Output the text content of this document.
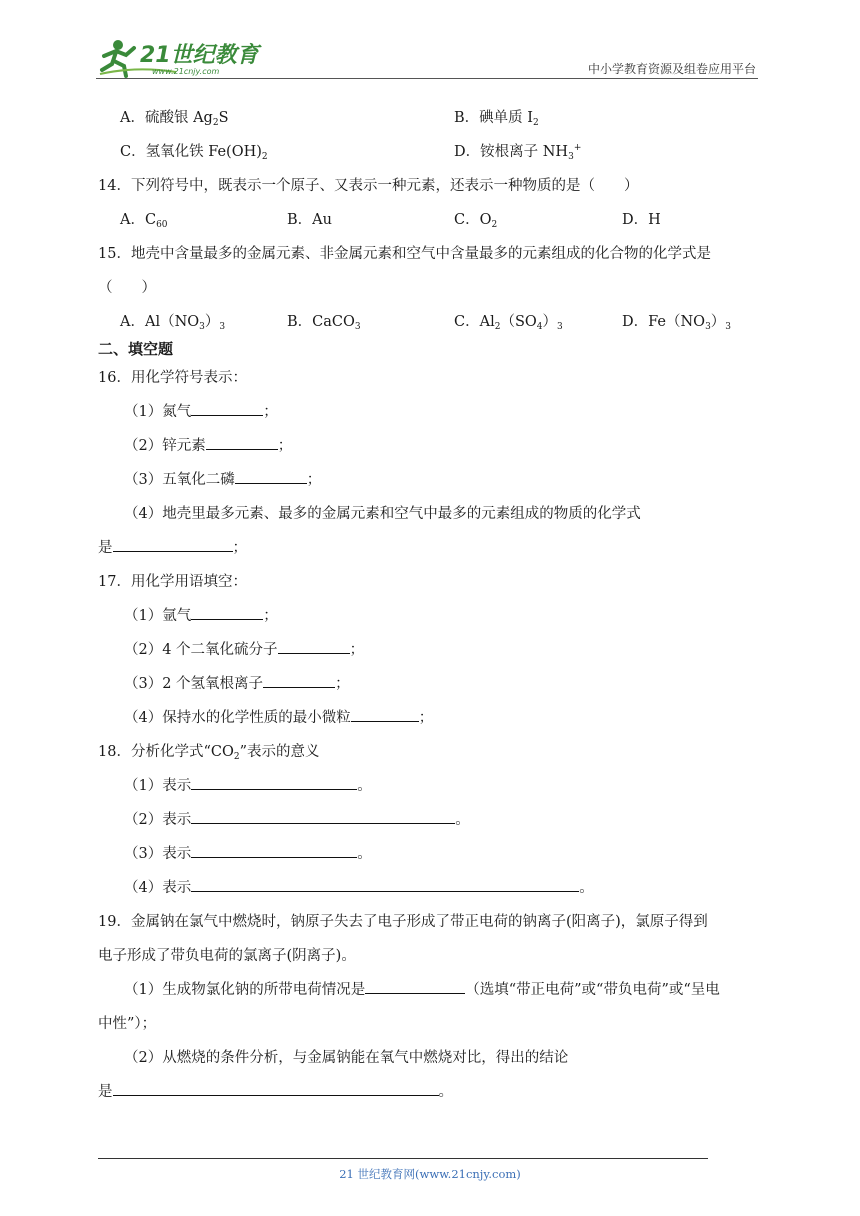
21世纪教育
www.21cnjy.com	中小学教育资源及组卷应用平台
A．硫酸银 $Ag_2S$	B．碘单质 $I_2$
C．氢氧化铁 $Fe(OH)_2$	D．铵根离子 $NH_3^+$
14．下列符号中，既表示一个原子、又表示一种元素，还表示一种物质的是（　　）
A．$C_{60}$	B．Au	C．$O_2$	D．H
15．地壳中含量最多的金属元素、非金属元素和空气中含量最多的元素组成的化合物的化学式是
（　　）
A．$Al(NO_3)_3$	B．CaCO$_3$	C．$Al_2(SO_4)_3$	D．$Fe(NO_3)_3$
二、填空题
16．用化学符号表示：
（1）氮气	；
（2）锌元素	；
（3）五氧化二磷	；
（4）地壳里最多元素、最多的金属元素和空气中最多的元素组成的物质的化学式
是	；
17．用化学用语填空：
（1）氩气	；
（2）4 个二氧化硫分子	；
（3）2 个氢氧根离子	；
（4）保持水的化学性质的最小微粒	；
18．分析化学式“$CO_2$”表示的意义
（1）表示	。
（2）表示	。
（3）表示	。
（4）表示	。
19．金属钠在氯气中燃烧时，钠原子失去了电子形成了带正电荷的钠离子(阳离子)，氯原子得到
电子形成了带负电荷的氯离子(阴离子)。
（1）生成物氯化钠的所带电荷情况是	（选填“带正电荷”或“带负电荷”或“呈电
中性”）；
（2）从燃烧的条件分析，与金属钠能在氧气中燃烧对比，得出的结论
是	。
21 世纪教育网(www.21cnjy.com)
